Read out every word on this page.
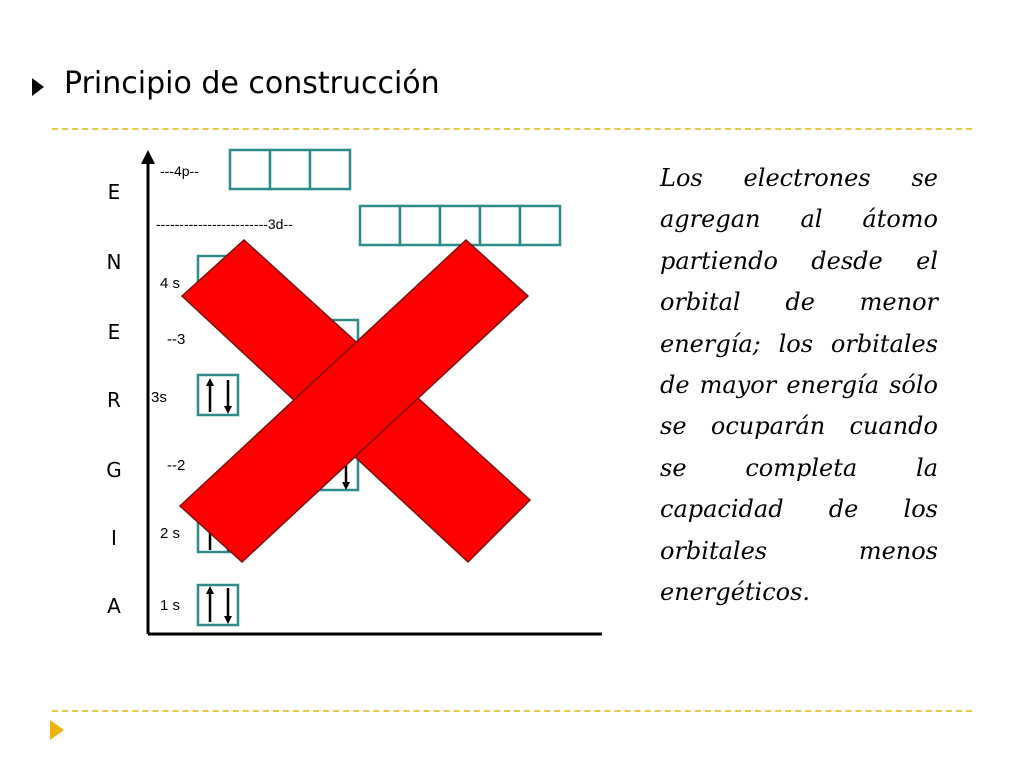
Principio de construcción
E
N
E
R
G
I
A
---4p--
------------------------3d--
4 s
--3
3s
--2
2 s
1 s
Los electrones se agregan al átomo partiendo desde el orbital de menor energía; los orbitales de mayor energía sólo se ocuparán cuando se completa la capacidad de los orbitales menos energéticos.
